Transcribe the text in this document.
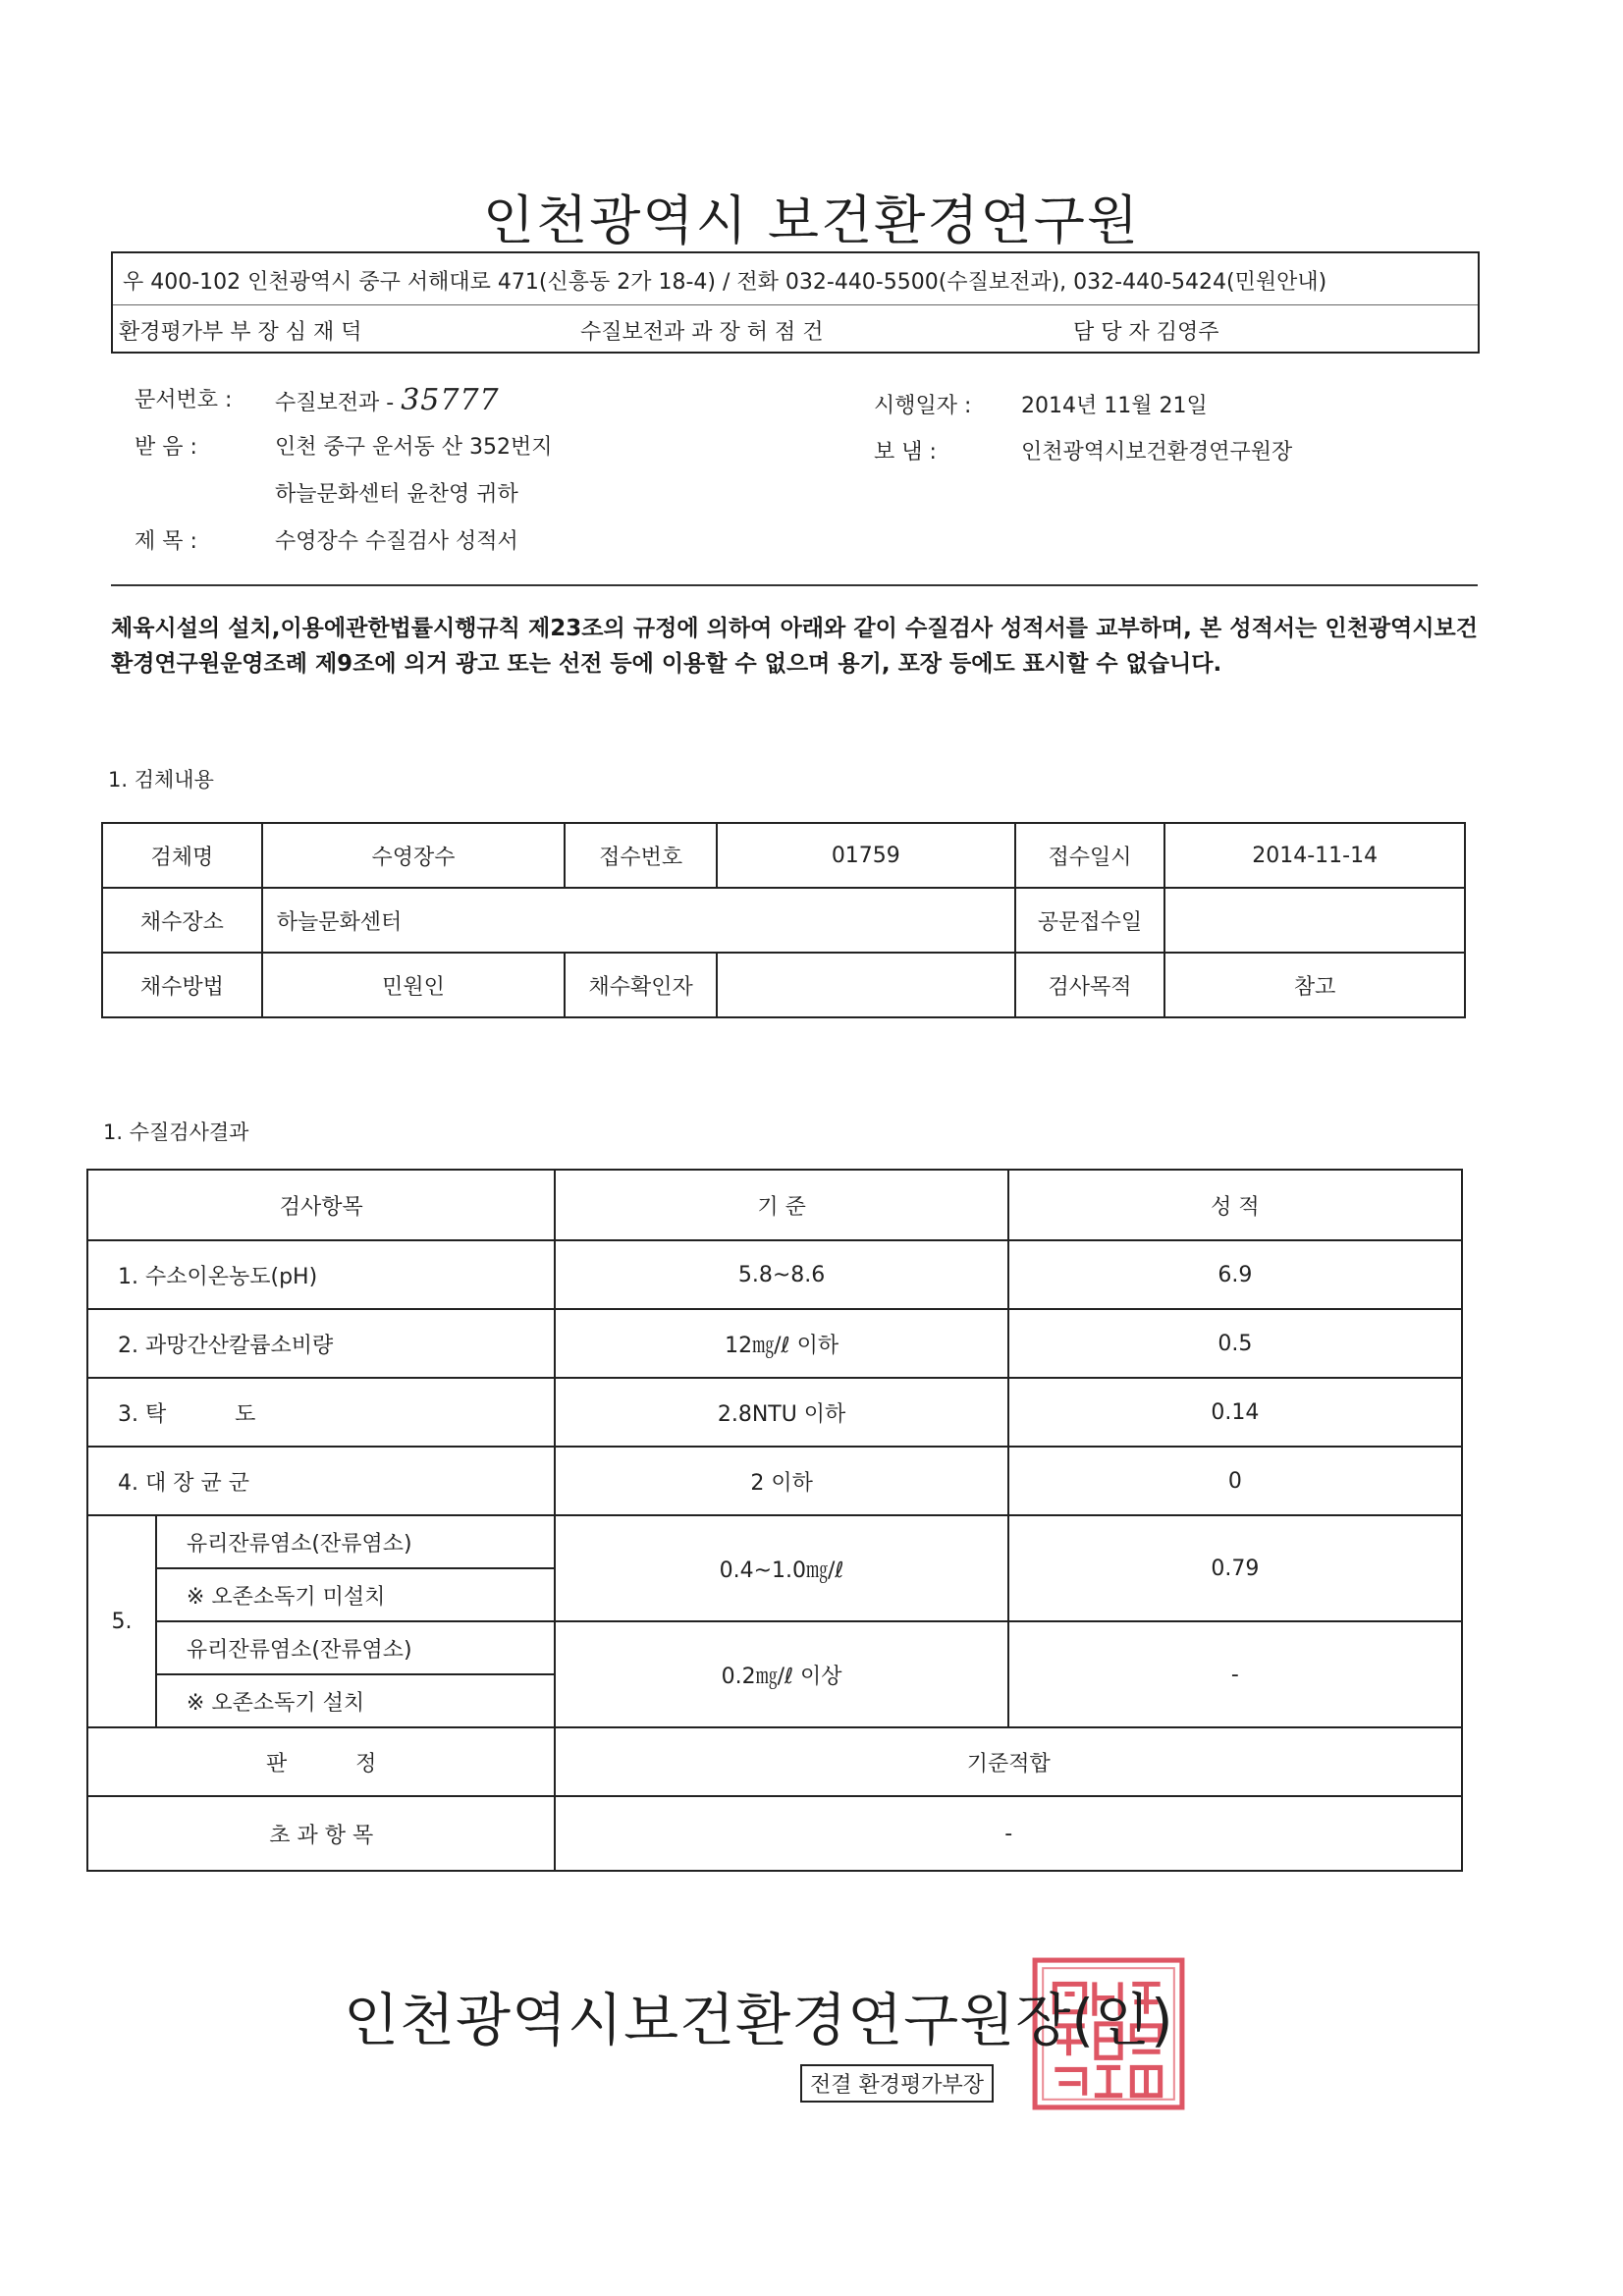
인천광역시 보건환경연구원
우 400-102 인천광역시 중구 서해대로 471(신흥동 2가 18-4) / 전화 032-440-5500(수질보전과), 032-440-5424(민원안내)
환경평가부 부 장 심 재 덕	수질보전과 과 장 허 점 건	담 당 자 김영주
문서번호 : 수질보전과 - 35777	시행일자 : 2014년 11월 21일
받 음 :	인천 중구 운서동 산 352번지	보 냄 :	인천광역시보건환경연구원장
하늘문화센터 윤찬영 귀하
제 목 :	수영장수 수질검사 성적서
체육시설의 설치,이용에관한법률시행규칙 제23조의 규정에 의하여 아래와 같이 수질검사 성적서를 교부하며, 본 성적서는 인천광역시보건환경연구원운영조례 제9조에 의거 광고 또는 선전 등에 이용할 수 없으며 용기, 포장 등에도 표시할 수 없습니다.
1. 검체내용
검체명	수영장수	접수번호	01759	접수일시	2014-11-14
채수장소	하늘문화센터			공문접수일	
채수방법	민원인	채수확인자		검사목적	참고
1. 수질검사결과
검사항목		기 준	성 적
1. 수소이온농도(pH)		5.8~8.6	6.9
2. 과망간산칼륨소비량		12㎎/ℓ 이하	0.5
3. 탁          도		2.8NTU 이하	0.14
4. 대 장 균 군		2 이하	0
5.	유리잔류염소(잔류염소)	0.4~1.0㎎/ℓ	0.79
	※ 오존소독기 미설치		
	유리잔류염소(잔류염소)	0.2㎎/ℓ 이상	-
	※ 오존소독기 설치		
판          정		기준적합	
초 과 항 목		-	
인천광역시보건환경연구원장(인)
전결 환경평가부장
